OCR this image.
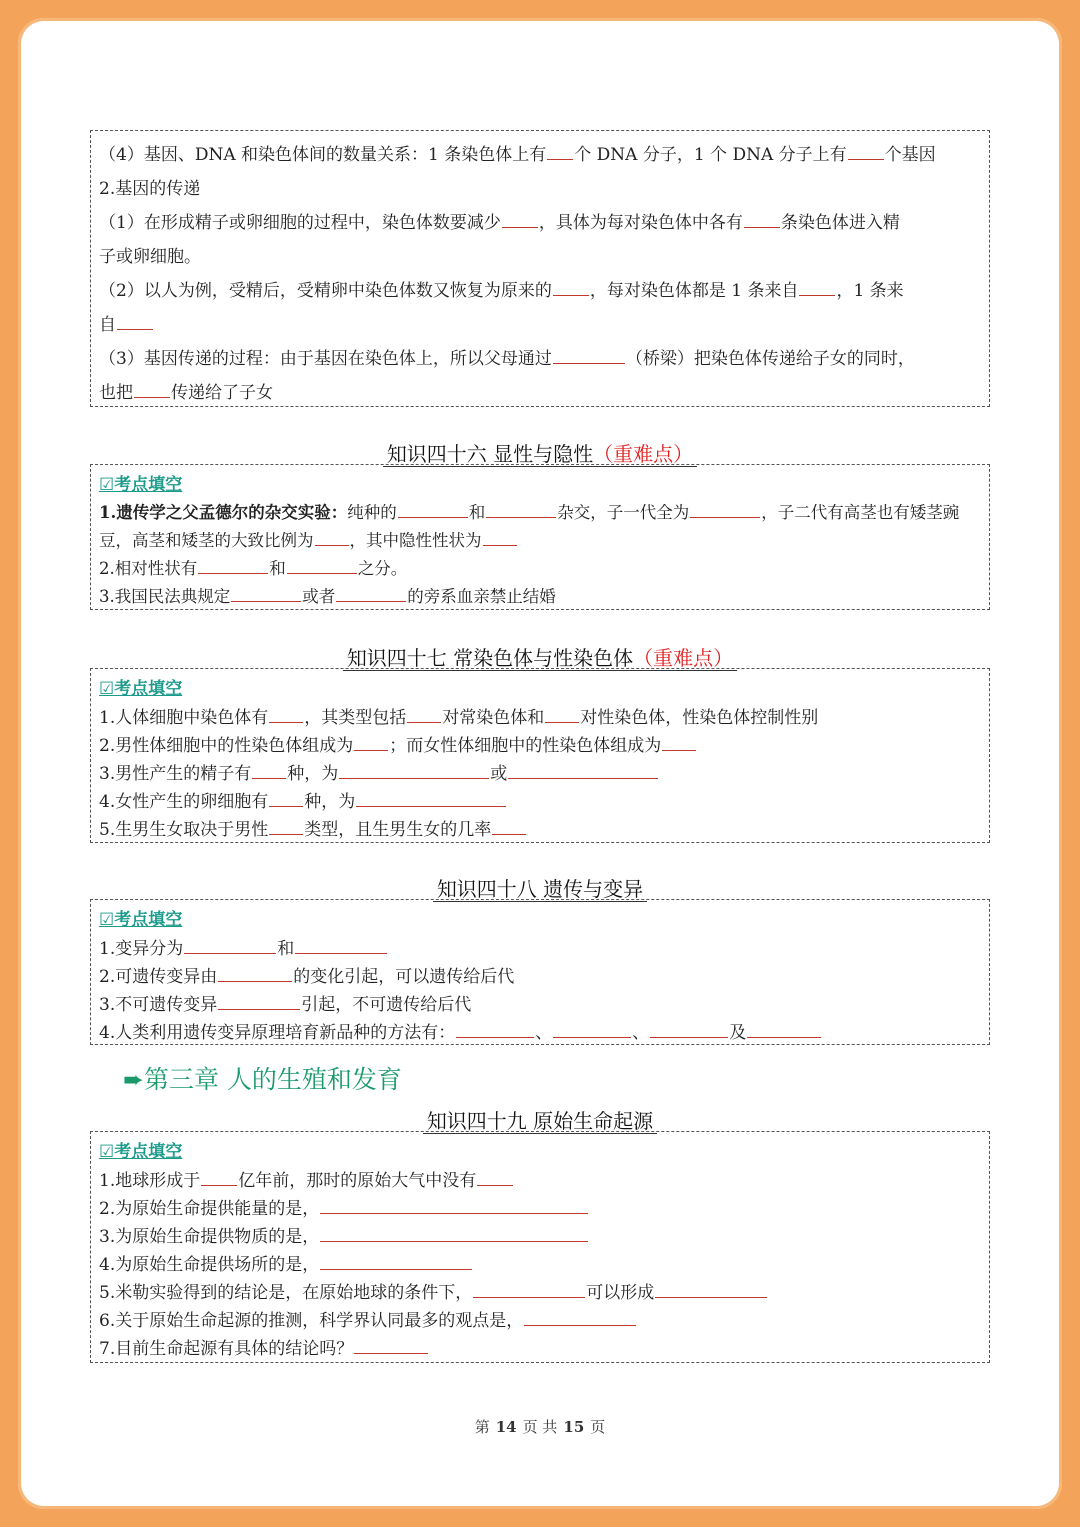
（4）基因、DNA 和染色体间的数量关系：1 条染色体上有 个 DNA 分子，1 个 DNA 分子上有 个基因
2.基因的传递
（1）在形成精子或卵细胞的过程中，染色体数要减少 ，具体为每对染色体中各有 条染色体进入精
子或卵细胞。
（2）以人为例，受精后，受精卵中染色体数又恢复为原来的 ，每对染色体都是 1 条来自 ，1 条来
自
（3）基因传递的过程：由于基因在染色体上，所以父母通过	（桥梁）把染色体传递给子女的同时，
也把 传递给了子女
知识四十六 显性与隐性（重难点）
☑考点填空
1.遗传学之父孟德尔的杂交实验：纯种的	和	杂交，子一代全为	，子二代有高茎也有矮茎豌
豆，高茎和矮茎的大致比例为 ，其中隐性性状为
2.相对性状有	和	之分。
3.我国民法典规定	或者	的旁系血亲禁止结婚
知识四十七 常染色体与性染色体（重难点）
☑考点填空
1.人体细胞中染色体有 ，其类型包括 对常染色体和 对性染色体，性染色体控制性别
2.男性体细胞中的性染色体组成为 ；而女性体细胞中的性染色体组成为
3.男性产生的精子有 种，为	或
4.女性产生的卵细胞有 种，为
5.生男生女取决于男性 类型，且生男生女的几率
知识四十八 遗传与变异
☑考点填空
1.变异分为	和
2.可遗传变异由	的变化引起，可以遗传给后代
3.不可遗传变异	引起，不可遗传给后代
4.人类利用遗传变异原理培育新品种的方法有：	、	、	及
➨第三章 人的生殖和发育
知识四十九 原始生命起源
☑考点填空
1.地球形成于 亿年前，那时的原始大气中没有
2.为原始生命提供能量的是，
3.为原始生命提供物质的是，
4.为原始生命提供场所的是，
5.米勒实验得到的结论是，在原始地球的条件下，	可以形成
6.关于原始生命起源的推测，科学界认同最多的观点是，
7.目前生命起源有具体的结论吗？
第 14 页 共 15 页
